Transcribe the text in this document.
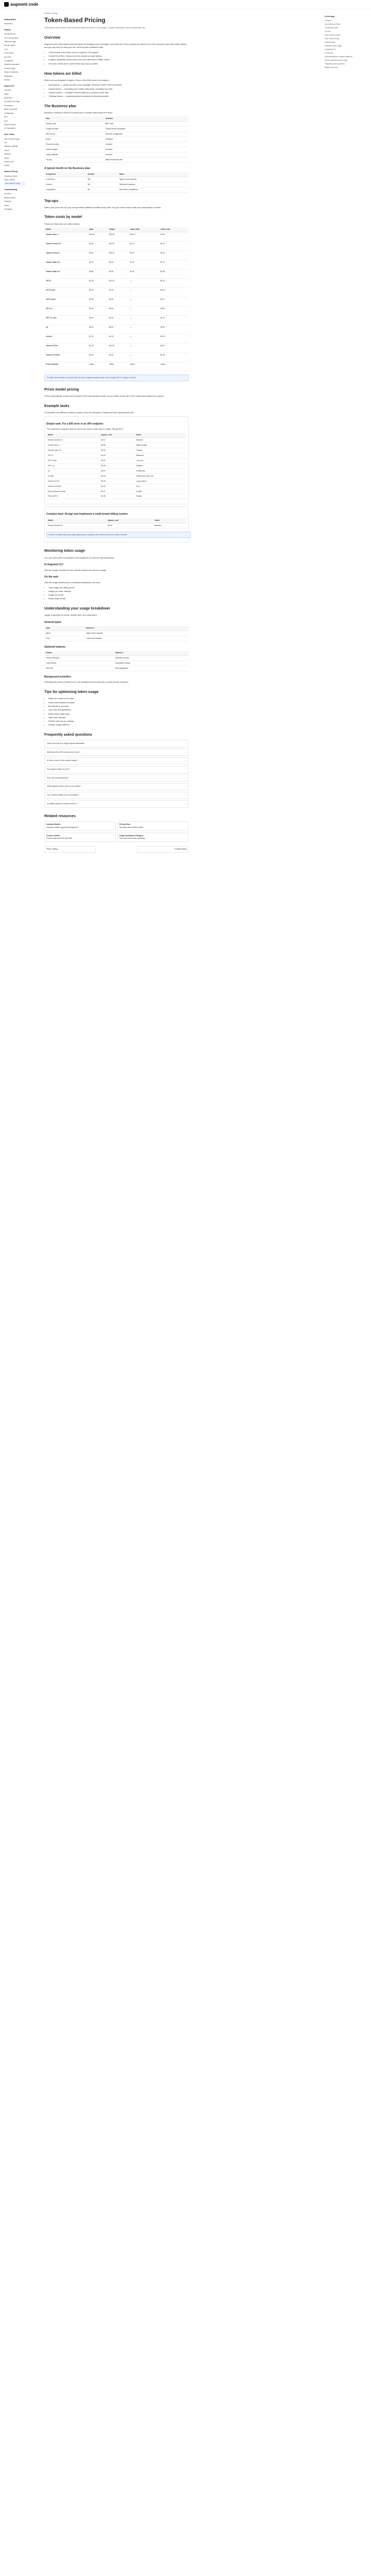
augment code
Getting Started
Introduction
Features
Getting Started
VS Code Extension
JetBrains Plugin
Remote Agents
Chat
Code Review
Next Edit
Completions
Workflow Automation
Context Engine
Rules & Guidelines
Integrations
Security
Augment CLI
Overview
Install
Quick Start
Command Line Flags
Permissions
Slash Commands
Configuration
MCP
Auth
Output Formats
CI / Automation
Other Clients
Vim & Neovim Plugin
Zed
JetBrains Gateway
Cursor
Windsurf
Emacs
Sublime Text
Eclipse
Models & Pricing
Choosing a Model
Plans & Billing
Token-Based Pricing
Troubleshooting
Overview
Network Issues
Feedback
Status
Changelog
On this page
Overview
How tokens are billed
The Business plan
Top-ups
Token costs by model
Prism model pricing
Example tasks
Monitoring token usage
In Augment CLI
On the web
Understanding your usage breakdown
Tips for optimizing token usage
Frequently asked questions
Related resources
Models & Pricing
Token-Based Pricing
Understand how tokens count and how Augment bills for LLM usage. Credits, examples, and the Business Tier.
Overview

Augment uses token-based pricing instead of charging a per-message or per-task fee. Every request you send to an LLM consumes input and output tokens, and you pay only for what you use, at the model's published rate.

• 1,000 tokens is the basic unit for a typical LLM request.
• Context from files, history and tools counts as input tokens.
• A higher-capability model costs more per token than a faster model.
• Your plan credit pool is used before any top-up credits.
How tokens are billed

When you use Augment in Agent, Chat or Next Edit mode, we measure:

• Input tokens — system prompt, your message, retrieved context and tool results.
• Output tokens — everything the model writes back, including tool calls.
• Cached tokens — repeated context billed at a reduced cache rate.
• Thinking tokens — reasoning tokens produced by thinking models.
The Business plan

Business customers receive a shared pool of credits used across the team.

Plan	Included
Monthly price	$50 / seat
Credits included	Pooled across workspace
Auto top-up	Optional, configurable
Seats	Unlimited
Premium models	Included
Context engine	Included
Usage analytics	Included
Top-ups	Billed at standard rate
A typical month on the Business plan
Component	Amount	Notes
LLM tokens	$40	Agent & chat requests
Context	$6	Retrieval & indexing
Completions	$4	Next Edit & completions
Top-ups

When your pool runs out, you can purchase additional credits at any time. Top-ups never expire while your subscription is active.

Token costs by model

Prices are listed per one million tokens.

Model	Input	Output	Cache write	Cache read
Claude Opus 4	$15.00	$75.00	$18.75	$1.50
Claude Sonnet 4.5	$3.00	$15.00	$3.75	$0.30
Claude Sonnet 4	$3.00	$15.00	$3.75	$0.30
Claude Haiku 4.5	$1.00	$5.00	$1.25	$0.10
Claude Haiku 3.5	$0.80	$4.00	$1.00	$0.08
GPT-5	$1.25	$10.00	—	$0.13
GPT-5 mini	$0.25	$2.00	—	$0.03
GPT-5 nano	$0.05	$0.40	—	$0.01
GPT-4.1	$2.00	$8.00	—	$0.50
GPT-4.1 mini	$0.40	$1.60	—	$0.10
o3	$2.00	$8.00	—	$0.50
o4-mini	$1.10	$4.40	—	$0.28
Gemini 2.5 Pro	$1.25	$10.00	—	$0.31
Gemini 2.5 Flash	$0.30	$2.50	—	$0.08
Prism (default)	Varies	Varies	Varies	Varies
The table above reflects current provider list prices. Augment passes model costs through with no markup on tokens.
Prism model pricing

Prism automatically routes each request to the most suitable model. You are billed at the rate of the model that handled the request.

Example tasks

To illustrate how different models compare, here are examples of tasks and their approximate cost.

Simple task: Fix a 500 error in an API endpoint

"The /api/users endpoint returns a 500 error when a user has no avatar. Please fix it."

Model	Approx. cost	Notes
Claude Sonnet 4.5	$0.12	Baseline
Claude Opus 4	$0.58	Higher quality
Claude Haiku 4.5	$0.04	Fastest
GPT-5	$0.09	Balanced
GPT-5 mini	$0.02	Low cost
GPT-4.1	$0.08	Reliable
o3	$0.10	Reasoning
o4-mini	$0.05	Reasoning, lower cost
Gemini 2.5 Pro	$0.09	Long context
Gemini 2.5 Flash	$0.02	Fast
Prism (Claude Sonnet)	$0.12	Routed
Prism (GPT)	$0.08	Routed
Complex task: Design and implement a multi-tenant billing system
Model	Approx. cost	Notes
Claude Sonnet 4.5	$3.40	Baseline
Costs for complex tasks vary widely depending on repository size and the amount of context retrieved.
Monitoring token usage

You can track token consumption from Augment CLI and the web dashboard.

In Augment CLI

Run the usage command to see current session and account usage.

On the web

Visit the usage dashboard for a detailed breakdown over time.

• Total usage per billing period
• Usage per team member
• Usage by model
• Daily usage trends
Understanding your usage breakdown

Usage is grouped by model, activity type, and component.

General types
Type	What it is
Agent	Agent mode requests
Chat	Chat mode requests
Optional features
Feature	What it is
Prompt Enhancer	Rewrites prompts
Code Review	Automated reviews
Next Edit	Edit suggestions
Background activities

Indexing and context retrieval run in the background and consume a small amount of tokens.

Tips for optimizing token usage
• Match the model to the task.
• Keep conversations focused.
• Be specific in prompts.
• Use rules and guidelines.
• Break down large tasks.
• Start fresh threads.
• Review auto top-up settings.
• Monitor usage patterns.
Frequently asked questions
How is the cost of a single request calculated?	⌄
What does the API's services fee cover?	⌄
Is there a cost for the context engine?	⌄
Do unused credits roll over?	⌄
Can I set a spending limit?	⌄
What happens when I use up my credits?	⌄
Can I switch models mid-conversation?	⌄
Do failed requests consume tokens?	⌄
Related resources
Available Models
Compare models supported by Augment
Pricing Plans
See plans and included credits
Choose a Model
Pick the right model for each task
Usage Dashboard & Budgets
Track and control team spending
Plans & Billing	Troubleshooting
